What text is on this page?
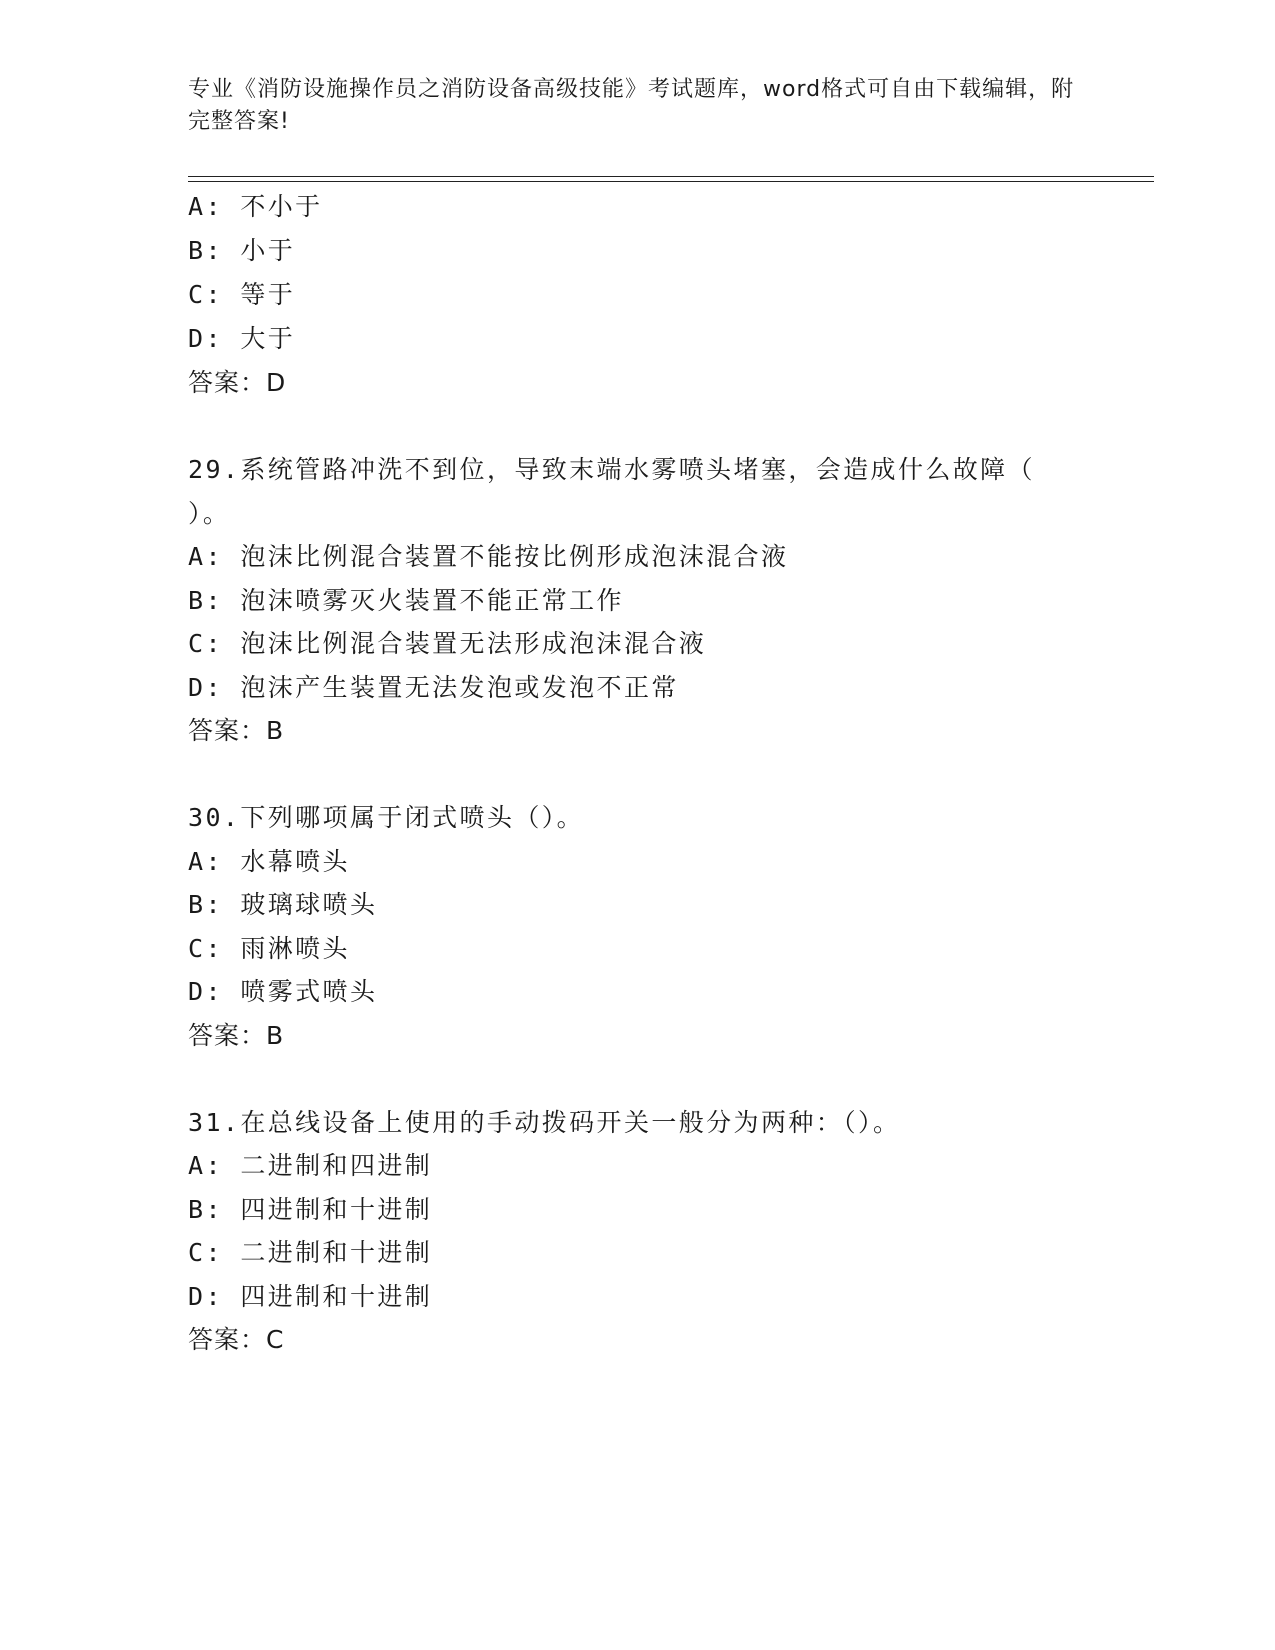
专业《消防设施操作员之消防设备高级技能》考试题库，word格式可自由下载编辑，附完整答案!
A: 不小于
B: 小于
C: 等于
D: 大于
答案：D
29.系统管路冲洗不到位，导致末端水雾喷头堵塞，会造成什么故障（
）。
A: 泡沫比例混合装置不能按比例形成泡沫混合液
B: 泡沫喷雾灭火装置不能正常工作
C: 泡沫比例混合装置无法形成泡沫混合液
D: 泡沫产生装置无法发泡或发泡不正常
答案：B
30.下列哪项属于闭式喷头（）。
A: 水幕喷头
B: 玻璃球喷头
C: 雨淋喷头
D: 喷雾式喷头
答案：B
31.在总线设备上使用的手动拨码开关一般分为两种：（）。
A: 二进制和四进制
B: 四进制和十进制
C: 二进制和十进制
D: 四进制和十进制
答案：C
